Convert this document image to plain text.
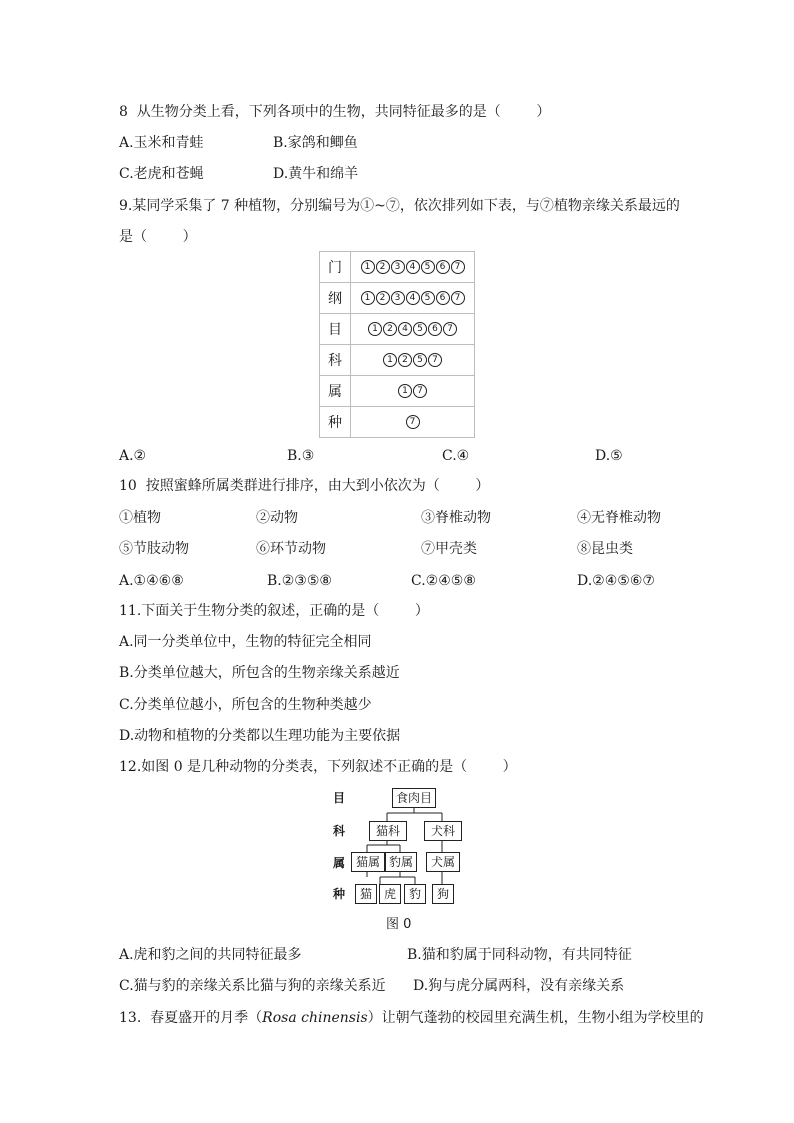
8  从生物分类上看，下列各项中的生物，共同特征最多的是（        ）
A.玉米和青蛙	B.家鸽和鲫鱼
C.老虎和苍蝇	D.黄牛和绵羊
9.某同学采集了 7 种植物，分别编号为①~⑦，依次排列如下表，与⑦植物亲缘关系最远的
是（        ）
门	1 2 3 4 5 6 7
纲	1 2 3 4 5 6 7
目	1 2 4 5 6 7
科	1 2 5 7
属	1 7
种	7
A.②	B.③	C.④	D.⑤
10  按照蜜蜂所属类群进行排序，由大到小依次为（        ）
①植物	②动物	③脊椎动物	④无脊椎动物
⑤节肢动物	⑥环节动物	⑦甲壳类	⑧昆虫类
A.①④⑥⑧	B.②③⑤⑧	C.②④⑤⑧	D.②④⑤⑥⑦
11.下面关于生物分类的叙述，正确的是（        ）
A.同一分类单位中，生物的特征完全相同
B.分类单位越大，所包含的生物亲缘关系越近
C.分类单位越小，所包含的生物种类越少
D.动物和植物的分类都以生理功能为主要依据
12.如图 0 是几种动物的分类表，下列叙述不正确的是（        ）
目
科
属
种
食肉目
猫科	犬科
猫属 豹属	犬属
猫 虎	豹	狗
图 0
A.虎和豹之间的共同特征最多	B.猫和豹属于同科动物，有共同特征
C.猫与豹的亲缘关系比猫与狗的亲缘关系近 D.狗与虎分属两科，没有亲缘关系
13.  春夏盛开的月季（Rosa chinensis）让朝气蓬勃的校园里充满生机，生物小组为学校里的
